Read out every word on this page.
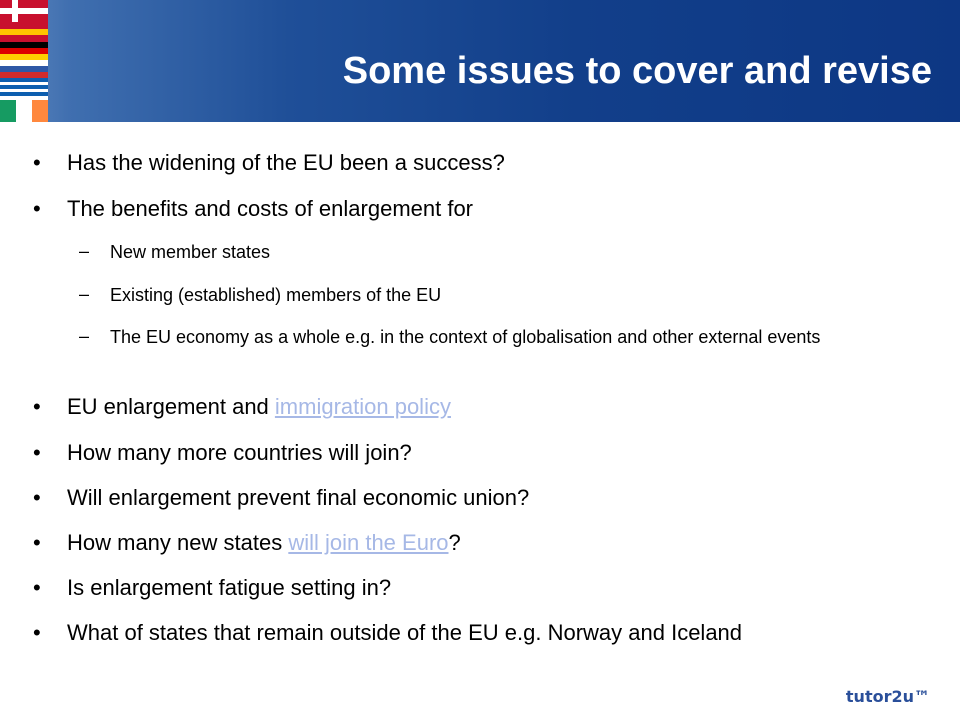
Some issues to cover and revise
• Has the widening of the EU been a success?
• The benefits and costs of enlargement for
– New member states
– Existing (established) members of the EU
– The EU economy as a whole e.g. in the context of globalisation and other external events
• EU enlargement and immigration policy
• How many more countries will join?
• Will enlargement prevent final economic union?
• How many new states will join the Euro?
• Is enlargement fatigue setting in?
• What of states that remain outside of the EU e.g. Norway and Iceland
tutor2u™
